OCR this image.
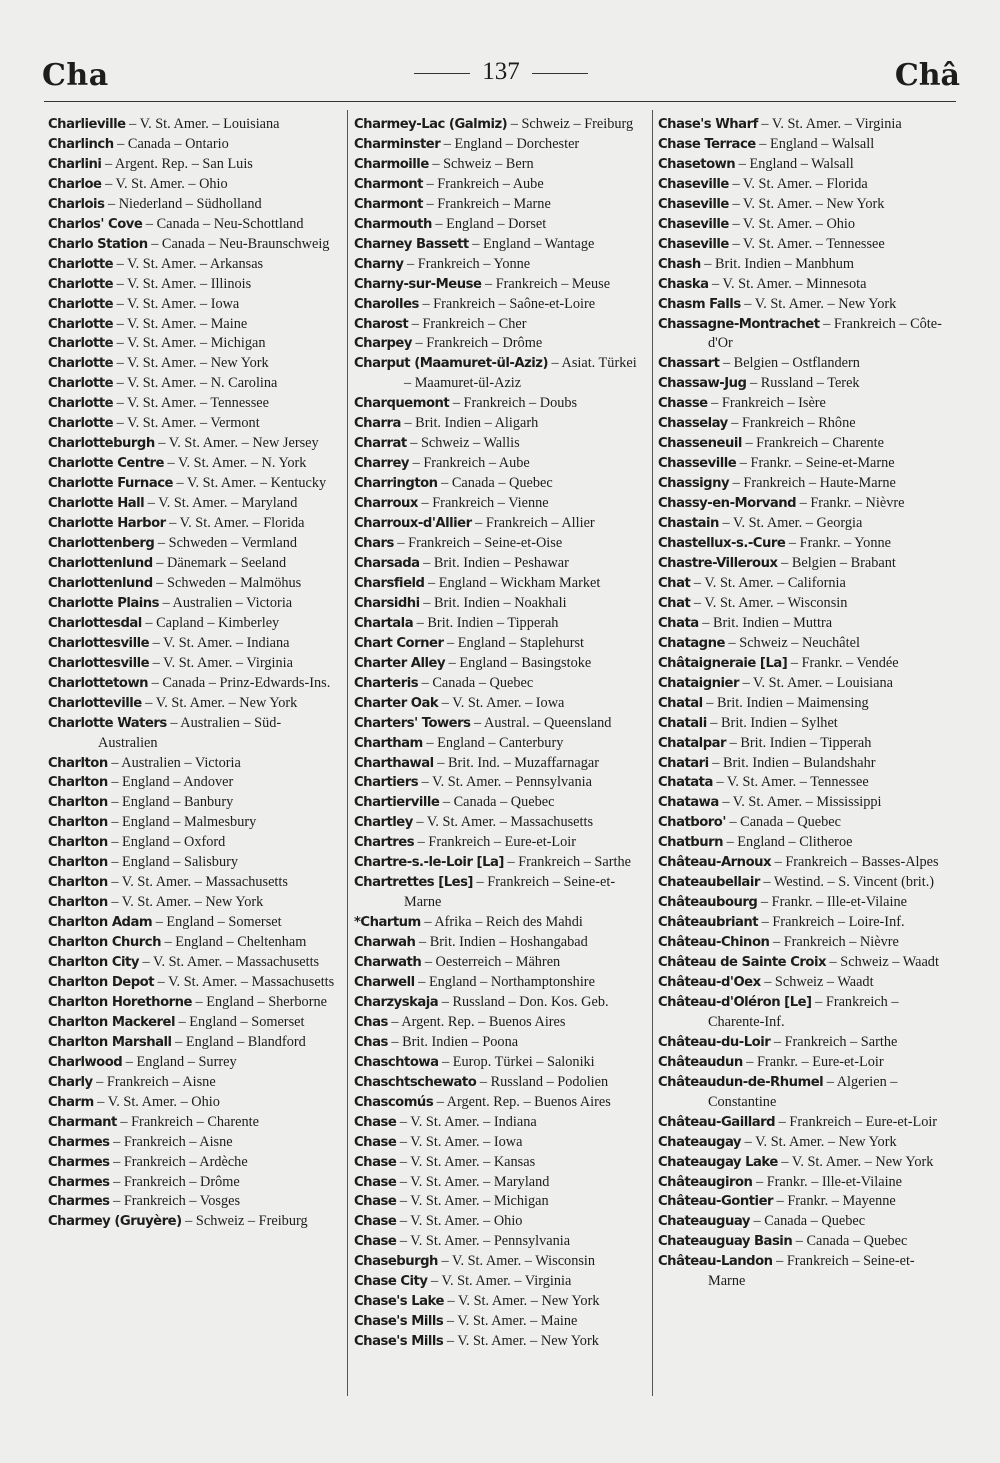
Cha	137	Châ
Charlieville – V. St. Amer. – Louisiana
Charlinch – Canada – Ontario
Charlini – Argent. Rep. – San Luis
Charloe – V. St. Amer. – Ohio
Charlois – Niederland – Südholland
Charlos' Cove – Canada – Neu-Schottland
Charlo Station – Canada – Neu-Braunschweig
Charlotte – V. St. Amer. – Arkansas
Charlotte – V. St. Amer. – Illinois
Charlotte – V. St. Amer. – Iowa
Charlotte – V. St. Amer. – Maine
Charlotte – V. St. Amer. – Michigan
Charlotte – V. St. Amer. – New York
Charlotte – V. St. Amer. – N. Carolina
Charlotte – V. St. Amer. – Tennessee
Charlotte – V. St. Amer. – Vermont
Charlotteburgh – V. St. Amer. – New Jersey
Charlotte Centre – V. St. Amer. – N. York
Charlotte Furnace – V. St. Amer. – Kentucky
Charlotte Hall – V. St. Amer. – Maryland
Charlotte Harbor – V. St. Amer. – Florida
Charlottenberg – Schweden – Vermland
Charlottenlund – Dänemark – Seeland
Charlottenlund – Schweden – Malmöhus
Charlotte Plains – Australien – Victoria
Charlottesdal – Capland – Kimberley
Charlottesville – V. St. Amer. – Indiana
Charlottesville – V. St. Amer. – Virginia
Charlottetown – Canada – Prinz-Edwards-Ins.
Charlotteville – V. St. Amer. – New York
Charlotte Waters – Australien – Süd-Australien
Charlton – Australien – Victoria
Charlton – England – Andover
Charlton – England – Banbury
Charlton – England – Malmesbury
Charlton – England – Oxford
Charlton – England – Salisbury
Charlton – V. St. Amer. – Massachusetts
Charlton – V. St. Amer. – New York
Charlton Adam – England – Somerset
Charlton Church – England – Cheltenham
Charlton City – V. St. Amer. – Massachusetts
Charlton Depot – V. St. Amer. – Massachusetts
Charlton Horethorne – England – Sherborne
Charlton Mackerel – England – Somerset
Charlton Marshall – England – Blandford
Charlwood – England – Surrey
Charly – Frankreich – Aisne
Charm – V. St. Amer. – Ohio
Charmant – Frankreich – Charente
Charmes – Frankreich – Aisne
Charmes – Frankreich – Ardèche
Charmes – Frankreich – Drôme
Charmes – Frankreich – Vosges
Charmey (Gruyère) – Schweiz – Freiburg
Charmey-Lac (Galmiz) – Schweiz – Freiburg
Charminster – England – Dorchester
Charmoille – Schweiz – Bern
Charmont – Frankreich – Aube
Charmont – Frankreich – Marne
Charmouth – England – Dorset
Charney Bassett – England – Wantage
Charny – Frankreich – Yonne
Charny-sur-Meuse – Frankreich – Meuse
Charolles – Frankreich – Saône-et-Loire
Charost – Frankreich – Cher
Charpey – Frankreich – Drôme
Charput (Maamuret-ül-Aziz) – Asiat. Türkei – Maamuret-ül-Aziz
Charquemont – Frankreich – Doubs
Charra – Brit. Indien – Aligarh
Charrat – Schweiz – Wallis
Charrey – Frankreich – Aube
Charrington – Canada – Quebec
Charroux – Frankreich – Vienne
Charroux-d'Allier – Frankreich – Allier
Chars – Frankreich – Seine-et-Oise
Charsada – Brit. Indien – Peshawar
Charsfield – England – Wickham Market
Charsidhi – Brit. Indien – Noakhali
Chartala – Brit. Indien – Tipperah
Chart Corner – England – Staplehurst
Charter Alley – England – Basingstoke
Charteris – Canada – Quebec
Charter Oak – V. St. Amer. – Iowa
Charters' Towers – Austral. – Queensland
Chartham – England – Canterbury
Charthawal – Brit. Ind. – Muzaffarnagar
Chartiers – V. St. Amer. – Pennsylvania
Chartierville – Canada – Quebec
Chartley – V. St. Amer. – Massachusetts
Chartres – Frankreich – Eure-et-Loir
Chartre-s.-le-Loir [La] – Frankreich – Sarthe
Chartrettes [Les] – Frankreich – Seine-et-Marne
*Chartum – Afrika – Reich des Mahdi
Charwah – Brit. Indien – Hoshangabad
Charwath – Oesterreich – Mähren
Charwell – England – Northamptonshire
Charzyskaja – Russland – Don. Kos. Geb.
Chas – Argent. Rep. – Buenos Aires
Chas – Brit. Indien – Poona
Chaschtowa – Europ. Türkei – Saloniki
Chaschtschewato – Russland – Podolien
Chascomús – Argent. Rep. – Buenos Aires
Chase – V. St. Amer. – Indiana
Chase – V. St. Amer. – Iowa
Chase – V. St. Amer. – Kansas
Chase – V. St. Amer. – Maryland
Chase – V. St. Amer. – Michigan
Chase – V. St. Amer. – Ohio
Chase – V. St. Amer. – Pennsylvania
Chaseburgh – V. St. Amer. – Wisconsin
Chase City – V. St. Amer. – Virginia
Chase's Lake – V. St. Amer. – New York
Chase's Mills – V. St. Amer. – Maine
Chase's Mills – V. St. Amer. – New York
Chase's Wharf – V. St. Amer. – Virginia
Chase Terrace – England – Walsall
Chasetown – England – Walsall
Chaseville – V. St. Amer. – Florida
Chaseville – V. St. Amer. – New York
Chaseville – V. St. Amer. – Ohio
Chaseville – V. St. Amer. – Tennessee
Chash – Brit. Indien – Manbhum
Chaska – V. St. Amer. – Minnesota
Chasm Falls – V. St. Amer. – New York
Chassagne-Montrachet – Frankreich – Côte-d'Or
Chassart – Belgien – Ostflandern
Chassaw-Jug – Russland – Terek
Chasse – Frankreich – Isère
Chasselay – Frankreich – Rhône
Chasseneuil – Frankreich – Charente
Chasseville – Frankr. – Seine-et-Marne
Chassigny – Frankreich – Haute-Marne
Chassy-en-Morvand – Frankr. – Nièvre
Chastain – V. St. Amer. – Georgia
Chastellux-s.-Cure – Frankr. – Yonne
Chastre-Villeroux – Belgien – Brabant
Chat – V. St. Amer. – California
Chat – V. St. Amer. – Wisconsin
Chata – Brit. Indien – Muttra
Chatagne – Schweiz – Neuchâtel
Châtaigneraie [La] – Frankr. – Vendée
Chataignier – V. St. Amer. – Louisiana
Chatal – Brit. Indien – Maimensing
Chatali – Brit. Indien – Sylhet
Chatalpar – Brit. Indien – Tipperah
Chatari – Brit. Indien – Bulandshahr
Chatata – V. St. Amer. – Tennessee
Chatawa – V. St. Amer. – Mississippi
Chatboro' – Canada – Quebec
Chatburn – England – Clitheroe
Château-Arnoux – Frankreich – Basses-Alpes
Chateaubellair – Westind. – S. Vincent (brit.)
Châteaubourg – Frankr. – Ille-et-Vilaine
Châteaubriant – Frankreich – Loire-Inf.
Château-Chinon – Frankreich – Nièvre
Château de Sainte Croix – Schweiz – Waadt
Château-d'Oex – Schweiz – Waadt
Château-d'Oléron [Le] – Frankreich – Charente-Inf.
Château-du-Loir – Frankreich – Sarthe
Châteaudun – Frankr. – Eure-et-Loir
Châteaudun-de-Rhumel – Algerien – Constantine
Château-Gaillard – Frankreich – Eure-et-Loir
Chateaugay – V. St. Amer. – New York
Chateaugay Lake – V. St. Amer. – New York
Châteaugiron – Frankr. – Ille-et-Vilaine
Château-Gontier – Frankr. – Mayenne
Chateauguay – Canada – Quebec
Chateauguay Basin – Canada – Quebec
Château-Landon – Frankreich – Seine-et-Marne
